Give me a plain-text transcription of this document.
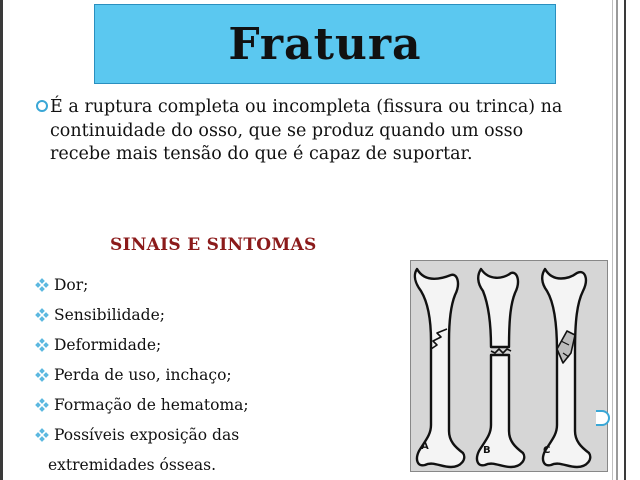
Fratura

É a ruptura completa ou incompleta (fissura ou trinca) na continuidade do osso, que se produz quando um osso recebe mais tensão do que é capaz de suportar.

SINAIS E SINTOMAS
Dor;
Sensibilidade;
Deformidade;
Perda de uso, inchaço;
Formação de hematoma;
Possíveis exposição das
extremidades ósseas.
A	B	C
